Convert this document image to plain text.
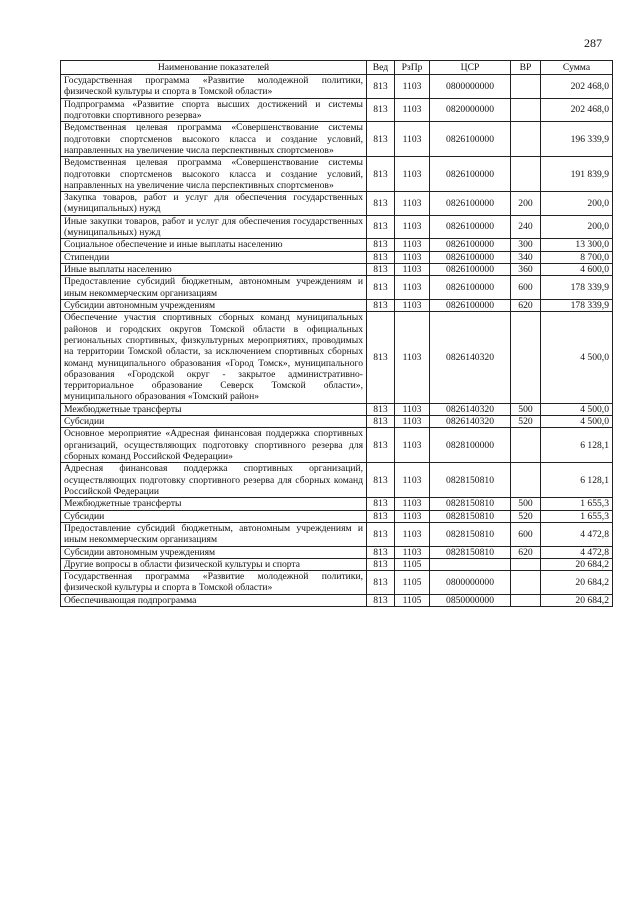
287
Наименование показателей	Вед	РзПр	ЦСР	ВР	Сумма
Государственная программа «Развитие молодежной политики, физической культуры и спорта в Томской области»	813	1103	0800000000		202 468,0
Подпрограмма «Развитие спорта высших достижений и системы подготовки спортивного резерва»	813	1103	0820000000		202 468,0
Ведомственная целевая программа «Совершенствование системы подготовки спортсменов высокого класса и создание условий, направленных на увеличение числа перспективных спортсменов»	813	1103	0826100000		196 339,9
Ведомственная целевая программа «Совершенствование системы подготовки спортсменов высокого класса и создание условий, направленных на увеличение числа перспективных спортсменов»	813	1103	0826100000		191 839,9
Закупка товаров, работ и услуг для обеспечения государственных (муниципальных) нужд	813	1103	0826100000	200	200,0
Иные закупки товаров, работ и услуг для обеспечения государственных (муниципальных) нужд	813	1103	0826100000	240	200,0
Социальное обеспечение и иные выплаты населению	813	1103	0826100000	300	13 300,0
Стипендии	813	1103	0826100000	340	8 700,0
Иные выплаты населению	813	1103	0826100000	360	4 600,0
Предоставление субсидий бюджетным, автономным учреждениям и иным некоммерческим организациям	813	1103	0826100000	600	178 339,9
Субсидии автономным учреждениям	813	1103	0826100000	620	178 339,9
Обеспечение участия спортивных сборных команд муниципальных районов и городских округов Томской области в официальных региональных спортивных, физкультурных мероприятиях, проводимых на территории Томской области, за исключением спортивных сборных команд муниципального образования «Город Томск», муниципального образования «Городской округ - закрытое административно-территориальное образование Северск Томской области», муниципального образования «Томский район»	813	1103	0826140320		4 500,0
Межбюджетные трансферты	813	1103	0826140320	500	4 500,0
Субсидии	813	1103	0826140320	520	4 500,0
Основное мероприятие «Адресная финансовая поддержка спортивных организаций, осуществляющих подготовку спортивного резерва для сборных команд Российской Федерации»	813	1103	0828100000		6 128,1
Адресная финансовая поддержка спортивных организаций, осуществляющих подготовку спортивного резерва для сборных команд Российской Федерации	813	1103	0828150810		6 128,1
Межбюджетные трансферты	813	1103	0828150810	500	1 655,3
Субсидии	813	1103	0828150810	520	1 655,3
Предоставление субсидий бюджетным, автономным учреждениям и иным некоммерческим организациям	813	1103	0828150810	600	4 472,8
Субсидии автономным учреждениям	813	1103	0828150810	620	4 472,8
Другие вопросы в области физической культуры и спорта	813	1105			20 684,2
Государственная программа «Развитие молодежной политики, физической культуры и спорта в Томской области»	813	1105	0800000000		20 684,2
Обеспечивающая подпрограмма	813	1105	0850000000		20 684,2
